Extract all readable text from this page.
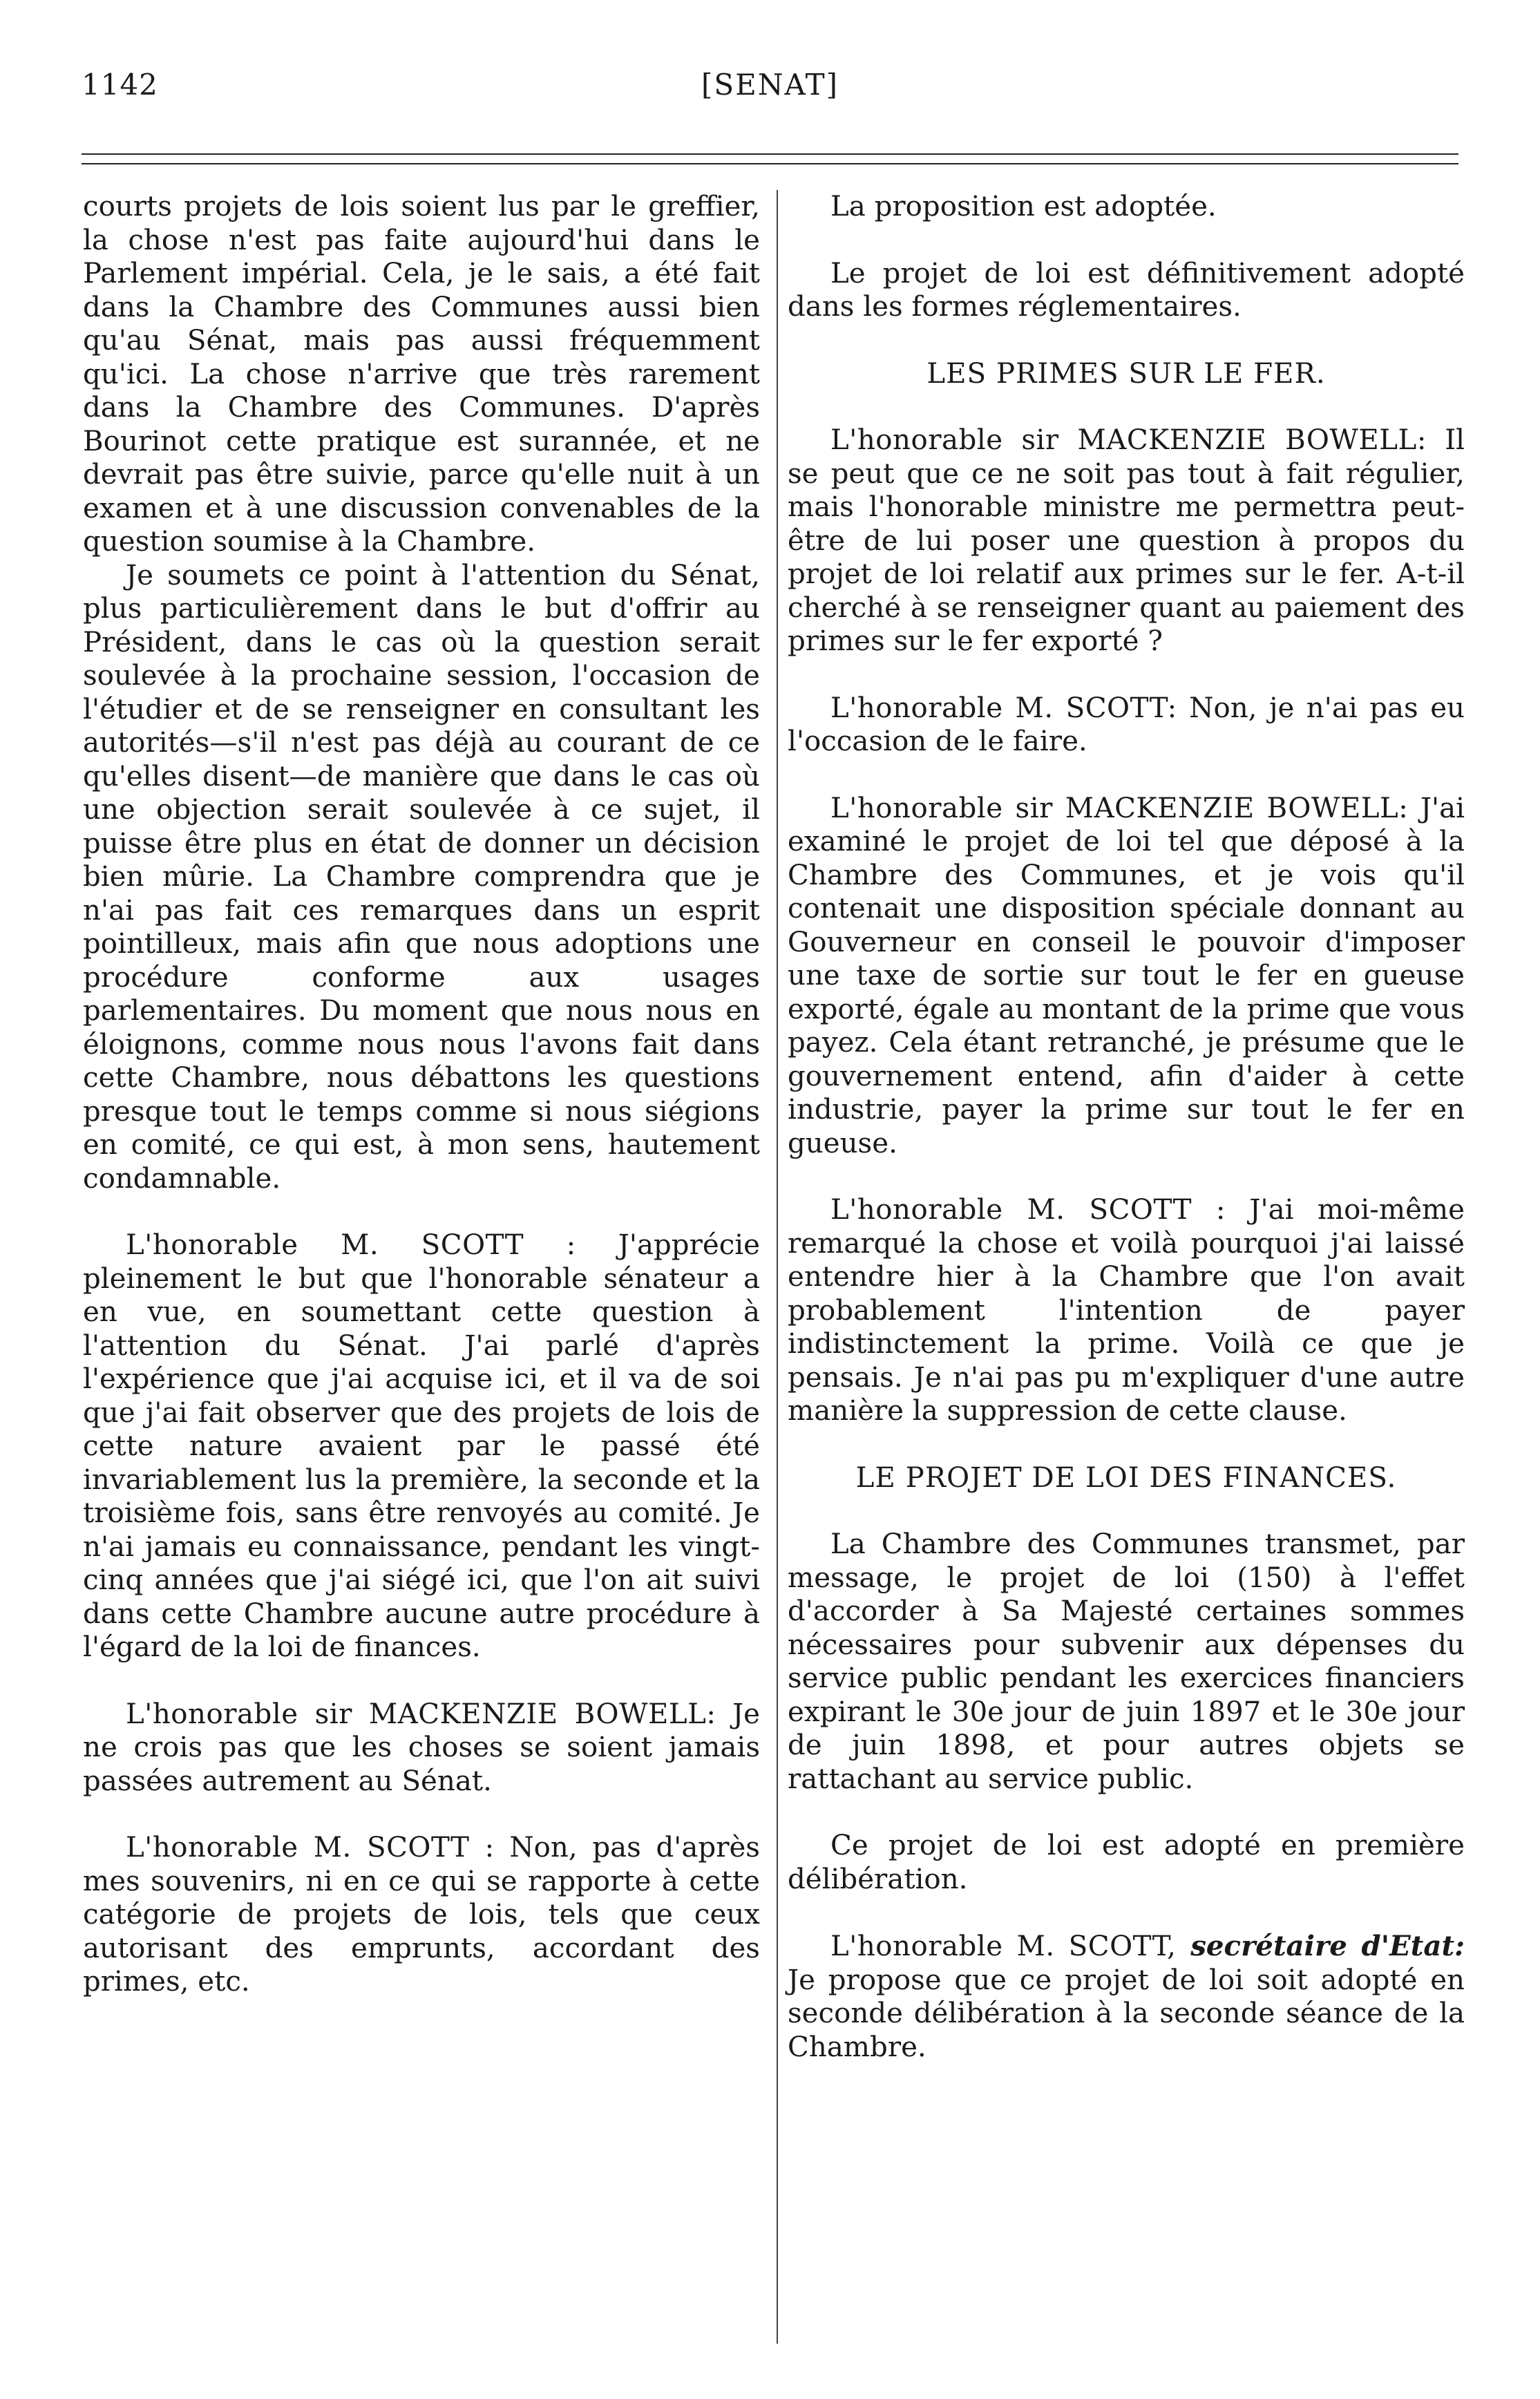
1142	[SENAT]

courts projets de lois soient lus par le greffier, la chose n'est pas faite aujourd'hui dans le Parlement impérial. Cela, je le sais, a été fait dans la Chambre des Communes aussi bien qu'au Sénat, mais pas aussi fréquemment qu'ici. La chose n'arrive que très rarement dans la Chambre des Communes. D'après Bourinot cette pratique est surannée, et ne devrait pas être suivie, parce qu'elle nuit à un examen et à une discussion convenables de la question soumise à la Chambre.

Je soumets ce point à l'attention du Sénat, plus particulièrement dans le but d'offrir au Président, dans le cas où la question serait soulevée à la prochaine session, l'occasion de l'étudier et de se renseigner en consultant les autorités—s'il n'est pas déjà au courant de ce qu'elles disent—de manière que dans le cas où une objection serait soulevée à ce sujet, il puisse être plus en état de donner un décision bien mûrie. La Chambre comprendra que je n'ai pas fait ces remarques dans un esprit pointilleux, mais afin que nous adoptions une procédure conforme aux usages parlementaires. Du moment que nous nous en éloignons, comme nous nous l'avons fait dans cette Chambre, nous débattons les questions presque tout le temps comme si nous siégions en comité, ce qui est, à mon sens, hautement condamnable.

L'honorable M. SCOTT : J'apprécie pleinement le but que l'honorable sénateur a en vue, en soumettant cette question à l'attention du Sénat. J'ai parlé d'après l'expérience que j'ai acquise ici, et il va de soi que j'ai fait observer que des projets de lois de cette nature avaient par le passé été invariablement lus la première, la seconde et la troisième fois, sans être renvoyés au comité. Je n'ai jamais eu connaissance, pendant les vingt-cinq années que j'ai siégé ici, que l'on ait suivi dans cette Chambre aucune autre procédure à l'égard de la loi de finances.

L'honorable sir MACKENZIE BOWELL: Je ne crois pas que les choses se soient jamais passées autrement au Sénat.

L'honorable M. SCOTT : Non, pas d'après mes souvenirs, ni en ce qui se rapporte à cette catégorie de projets de lois, tels que ceux autorisant des emprunts, accordant des primes, etc.

La proposition est adoptée.

Le projet de loi est définitivement adopté dans les formes réglementaires.

LES PRIMES SUR LE FER.

L'honorable sir MACKENZIE BOWELL: Il se peut que ce ne soit pas tout à fait régulier, mais l'honorable ministre me permettra peut-être de lui poser une question à propos du projet de loi relatif aux primes sur le fer. A-t-il cherché à se renseigner quant au paiement des primes sur le fer exporté ?

L'honorable M. SCOTT: Non, je n'ai pas eu l'occasion de le faire.

L'honorable sir MACKENZIE BOWELL: J'ai examiné le projet de loi tel que déposé à la Chambre des Communes, et je vois qu'il contenait une disposition spéciale donnant au Gouverneur en conseil le pouvoir d'imposer une taxe de sortie sur tout le fer en gueuse exporté, égale au montant de la prime que vous payez. Cela étant retranché, je présume que le gouvernement entend, afin d'aider à cette industrie, payer la prime sur tout le fer en gueuse.

L'honorable M. SCOTT : J'ai moi-même remarqué la chose et voilà pourquoi j'ai laissé entendre hier à la Chambre que l'on avait probablement l'intention de payer indistinctement la prime. Voilà ce que je pensais. Je n'ai pas pu m'expliquer d'une autre manière la suppression de cette clause.

LE PROJET DE LOI DES FINANCES.

La Chambre des Communes transmet, par message, le projet de loi (150) à l'effet d'accorder à Sa Majesté certaines sommes nécessaires pour subvenir aux dépenses du service public pendant les exercices financiers expirant le 30e jour de juin 1897 et le 30e jour de juin 1898, et pour autres objets se rattachant au service public.

Ce projet de loi est adopté en première délibération.

L'honorable M. SCOTT, secrétaire d'Etat: Je propose que ce projet de loi soit adopté en seconde délibération à la seconde séance de la Chambre.
